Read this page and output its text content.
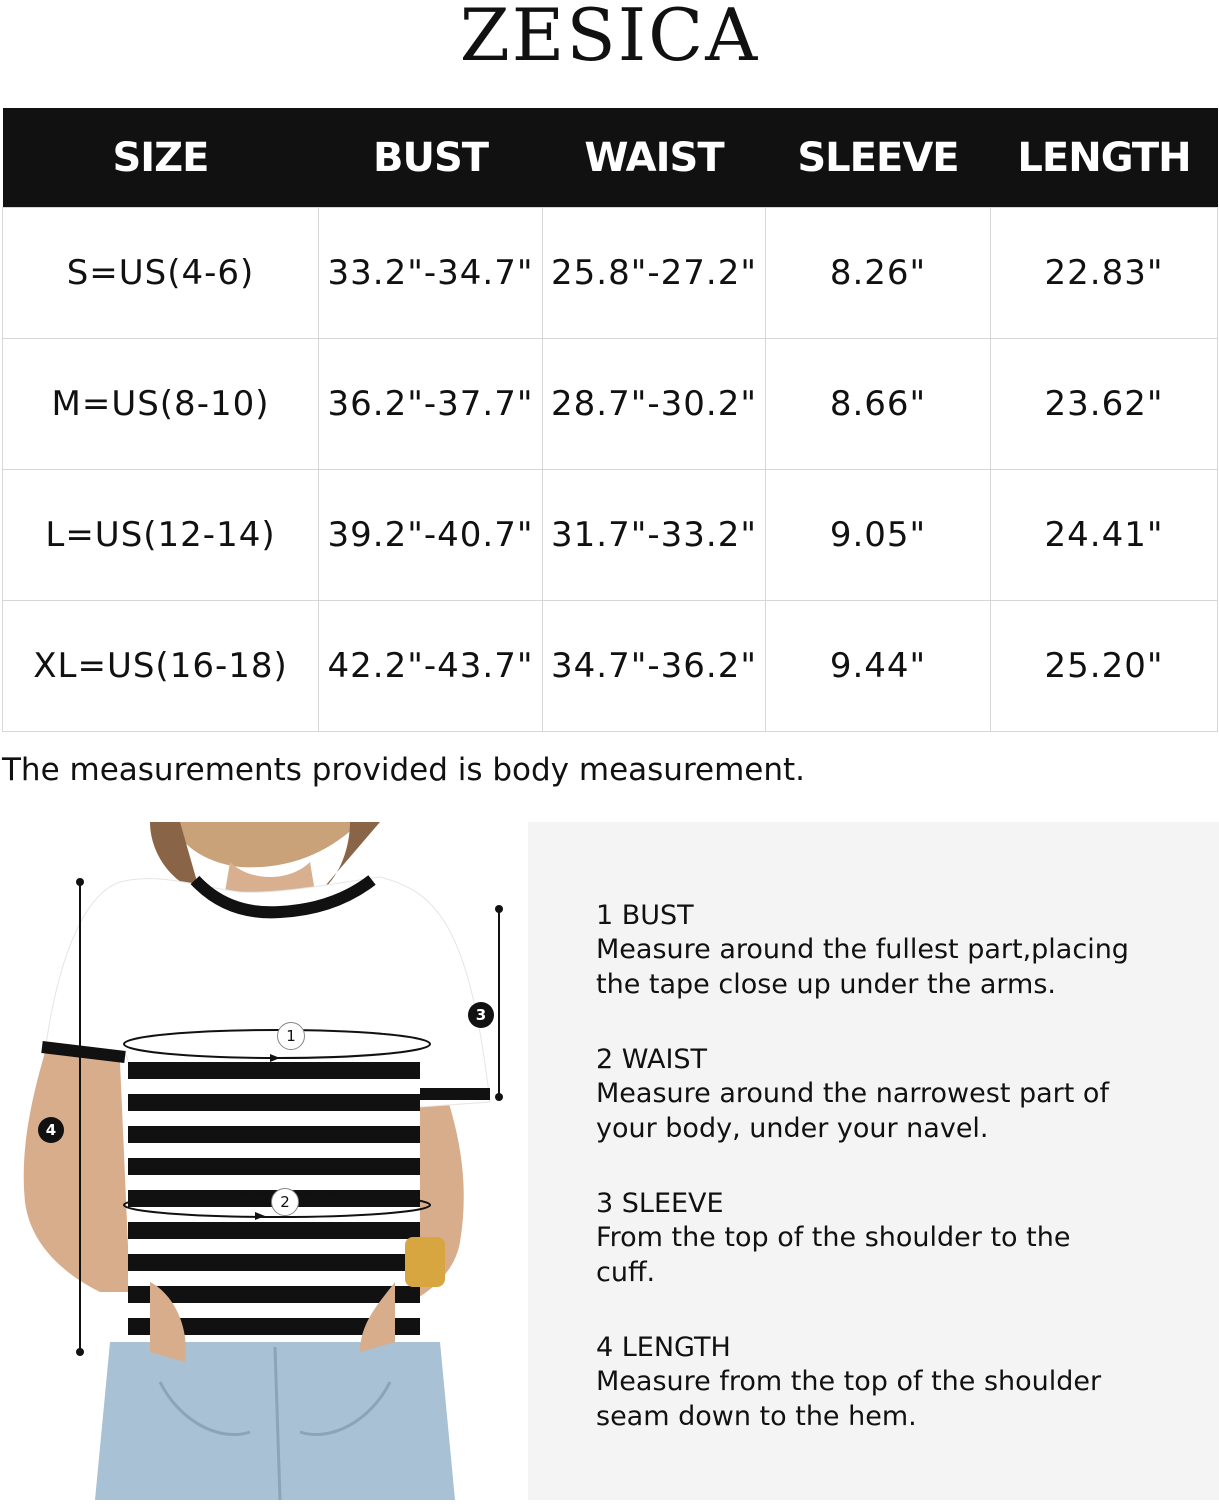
ZESICA
SIZE	BUST	WAIST	SLEEVE	LENGTH
S=US(4-6)	33.2"-34.7"	25.8"-27.2"	8.26"	22.83"
M=US(8-10)	36.2"-37.7"	28.7"-30.2"	8.66"	23.62"
L=US(12-14)	39.2"-40.7"	31.7"-33.2"	9.05"	24.41"
XL=US(16-18)	42.2"-43.7"	34.7"-36.2"	9.44"	25.20"
The measurements provided is body measurement.
1
2
3
4
1 BUST
Measure around the fullest part,placing
the tape close up under the arms.
2 WAIST
Measure around the narrowest part of
your body, under your navel.
3 SLEEVE
From the top of the shoulder to the
cuff.
4 LENGTH
Measure from the top of the shoulder
seam down to the hem.
